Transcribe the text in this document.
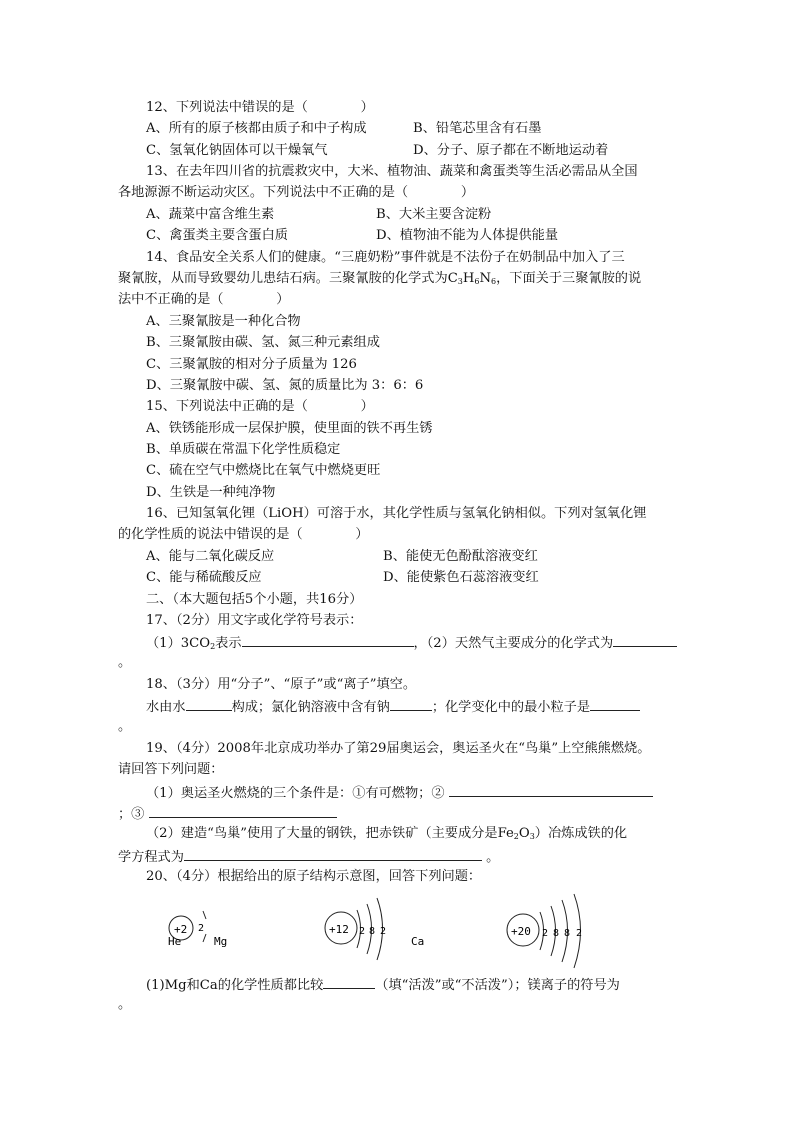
12、下列说法中错误的是（　　　　）
A、所有的原子核都由质子和中子构成	B、铅笔芯里含有石墨
C、氢氧化钠固体可以干燥氧气	D、分子、原子都在不断地运动着
13、在去年四川省的抗震救灾中，大米、植物油、蔬菜和禽蛋类等生活必需品从全国
各地源源不断运动灾区。下列说法中不正确的是（　　　　）
A、蔬菜中富含维生素	B、大米主要含淀粉
C、禽蛋类主要含蛋白质	D、植物油不能为人体提供能量
14、食品安全关系人们的健康。“三鹿奶粉”事件就是不法份子在奶制品中加入了三
聚氰胺，从而导致婴幼儿患结石病。三聚氰胺的化学式为$C_3H_6N_6$，下面关于三聚氰胺的说
法中不正确的是（　　　　）
A、三聚氰胺是一种化合物
B、三聚氰胺由碳、氢、氮三种元素组成
C、三聚氰胺的相对分子质量为 126
D、三聚氰胺中碳、氢、氮的质量比为 3：6：6
15、下列说法中正确的是（　　　　）
A、铁锈能形成一层保护膜，使里面的铁不再生锈
B、单质碳在常温下化学性质稳定
C、硫在空气中燃烧比在氧气中燃烧更旺
D、生铁是一种纯净物
16、已知氢氧化锂（LiOH）可溶于水，其化学性质与氢氧化钠相似。下列对氢氧化锂
的化学性质的说法中错误的是（　　　　）
A、能与二氧化碳反应	B、能使无色酚酞溶液变红
C、能与稀硫酸反应	D、能使紫色石蕊溶液变红
二、（本大题包括5个小题，共16分）
17、（2分）用文字或化学符号表示：
$(1)3CO_2$表示	，（2）天然气主要成分的化学式为
。
18、（3分）用“分子”、“原子”或“离子”填空。
水由水	构成；氯化钠溶液中含有钠	；化学变化中的最小粒子是
。
19、（4分）2008年北京成功举办了第29届奥运会，奥运圣火在“鸟巢”上空熊熊燃烧。
请回答下列问题：
（1）奥运圣火燃烧的三个条件是：①有可燃物；②
；③
（2）建造“鸟巢”使用了大量的钢铁，把赤铁矿（主要成分是$Fe_2O_3$）冶炼成铁的化
学方程式为	。
20、（4分）根据给出的原子结构示意图，回答下列问题：
+2 2
He
+12 2 8 2
Mg
+20 2 8 8 2
Ca
(1)Mg和Ca的化学性质都比较	（填“活泼”或“不活泼”）；镁离子的符号为
。
